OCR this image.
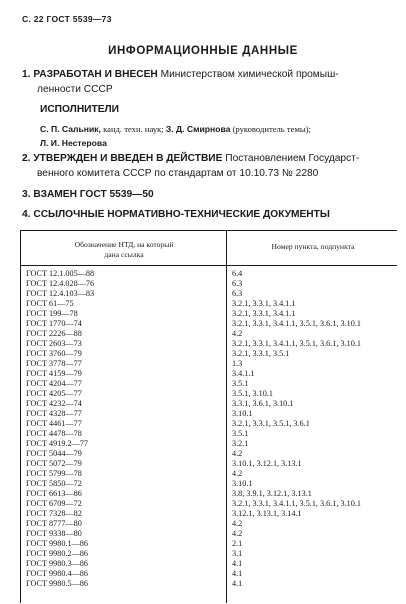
С. 22 ГОСТ 5539—73
ИНФОРМАЦИОННЫЕ ДАННЫЕ
1. РАЗРАБОТАН И ВНЕСЕН Министерством химической промыш-
ленности СССР
ИСПОЛНИТЕЛИ
С. П. Сальник, канд. техн. наук; З. Д. Смирнова (руководитель темы);
Л. И. Нестерова
2. УТВЕРЖДЕН И ВВЕДЕН В ДЕЙСТВИЕ Постановлением Государст-
венного комитета СССР по стандартам от 10.10.73 № 2280
3. ВЗАМЕН ГОСТ 5539—50
4. ССЫЛОЧНЫЕ НОРМАТИВНО-ТЕХНИЧЕСКИЕ ДОКУМЕНТЫ
Обозначение НТД, на который
дана ссылка
Номер пункта, подпункта
ГОСТ 12.1.005—88	6.4
ГОСТ 12.4.028—76	6.3
ГОСТ 12.4.103—83	6.3
ГОСТ 61—75	3.2.1, 3.3.1, 3.4.1.1
ГОСТ 199—78	3.2.1, 3.3.1, 3.4.1.1
ГОСТ 1770—74	3.2.1, 3.3.1, 3.4.1.1, 3.5.1, 3.6.1, 3.10.1
ГОСТ 2226—88	4.2
ГОСТ 2603—73	3.2.1, 3.3.1, 3.4.1.1, 3.5.1, 3.6.1, 3.10.1
ГОСТ 3760—79	3.2.1, 3.3.1, 3.5.1
ГОСТ 3778—77	1.3
ГОСТ 4159—79	3.4.1.1
ГОСТ 4204—77	3.5.1
ГОСТ 4205—77	3.5.1, 3.10.1
ГОСТ 4232—74	3.3.1, 3.6.1, 3.10.1
ГОСТ 4328—77	3.10.1
ГОСТ 4461—77	3.2.1, 3.3.1, 3.5.1, 3.6.1
ГОСТ 4478—78	3.5.1
ГОСТ 4919.2—77	3.2.1
ГОСТ 5044—79	4.2
ГОСТ 5072—79	3.10.1, 3.12.1, 3.13.1
ГОСТ 5799—78	4.2
ГОСТ 5850—72	3.10.1
ГОСТ 6613—86	3.8, 3.9.1, 3.12.1, 3.13.1
ГОСТ 6709—72	3.2.1, 3.3.1, 3.4.1.1, 3.5.1, 3.6.1, 3.10.1
ГОСТ 7328—82	3.12.1, 3.13.1, 3.14.1
ГОСТ 8777—80	4.2
ГОСТ 9338—80	4.2
ГОСТ 9980.1—86	2.1
ГОСТ 9980.2—86	3.1
ГОСТ 9980.3—86	4.1
ГОСТ 9980.4—86	4.1
ГОСТ 9980.5—86	4.1
